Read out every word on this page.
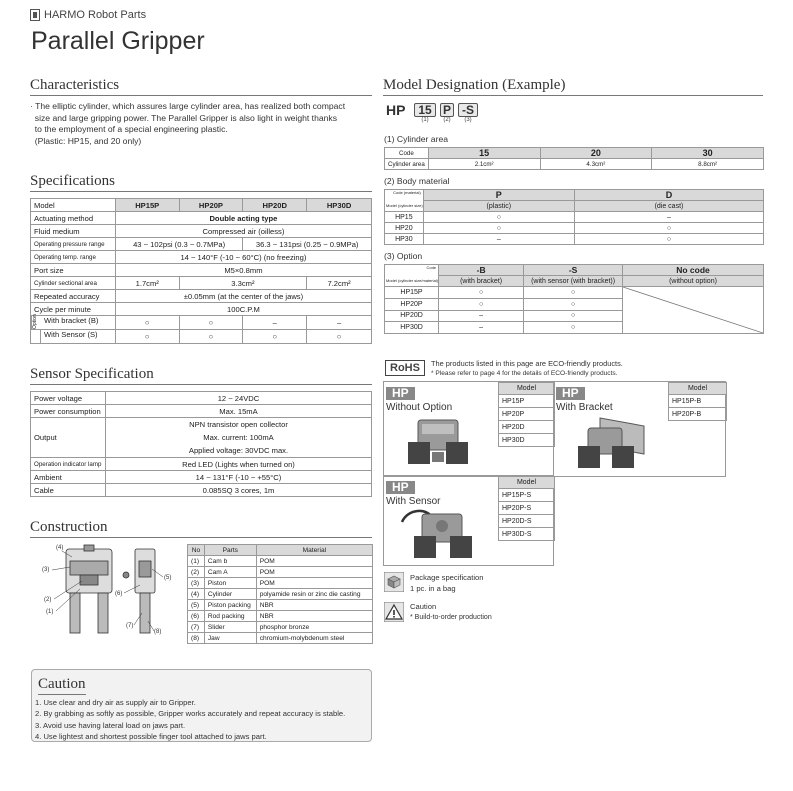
HARMO Robot Parts
Parallel Gripper
Characteristics
· The elliptic cylinder, which assures large cylinder area, has realized both compact
size and large gripping power. The Parallel Gripper is also light in weight thanks
to the employment of a special engineering plastic.
(Plastic: HP15, and 20 only)
Specifications
Model	HP15P	HP20P	HP20D	HP30D
Actuating method	Double acting type			
Fluid medium	Compressed air (oilless)			
Operating pressure range	43 ~ 102psi (0.3 ~ 0.7MPa)		36.3 ~ 131psi (0.25 ~ 0.9MPa)	
Operating temp. range	14 ~ 140°F (-10 ~ 60°C) (no freezing)			
Port size	M5×0.8mm			
Cylinder sectional area	1.7cm²	3.3cm²		7.2cm²
Repeated accuracy	±0.05mm (at the center of the jaws)			
Cycle per minute	100C.P.M			

Option With bracket (B)	○	○	–	–

With Sensor (S)	○	○	○	○
Sensor Specification
Power voltage	12 ~ 24VDC
Power consumption	Max. 15mA
Output	NPN transistor open collector
Max. current: 100mA
Applied voltage: 30VDC max.

Operation indicator lamp	Red LED (Lights when turned on)
Ambient	14 ~ 131°F (-10 ~ +55°C)
Cable	0.085SQ 3 cores, 1m
Construction
(4)
(3)
(2)
(1)
(5)
(6)
(7)
(8)
No	Parts	Material
(1)	Cam b	POM
(2)	Cam A	POM
(3)	Piston	POM
(4)	Cylinder	polyamide resin or zinc die casting
(5)	Piston packing	NBR
(6)	Rod packing	NBR
(7)	Slider	phosphor bronze
(8)	Jaw	chromium-molybdenum steel
Caution
1. Use clear and dry air as supply air to Gripper.
2. By grabbing as softly as possible, Gripper works accurately and repeat accuracy is stable.
3. Avoid use having lateral load on jaws part.
4. Use lightest and shortest possible finger tool attached to jaws part.
Model Designation (Example)
HP	15
(1)
P
(2)
-S
(3)
(1) Cylinder area
Code	15	20	30
Cylinder area	2.1cm²	4.3cm²	8.8cm²
(2) Body material
Code (material)
Model (cylinder size)	P	D
	(plastic)	(die cast)
HP15	○	–
HP20	○	○
HP30	–	○
(3) Option
Code
Model (cylinder size/material)	-B	-S	No code
	(with bracket)	(with sensor (with bracket))	(without option)
HP15P	○	○	

HP20P	○	○	
HP20D	–	○	
HP30D	–	○	
RoHS	The products listed in this page are ECO-friendly products.
* Please refer to page 4 for the details of ECO-friendly products.
HP
Without Option
Model
HP15P
HP20P
HP20D
HP30D
HP
With Bracket
Model
HP15P-B
HP20P-B
HP
With Sensor
Model
HP15P-S
HP20P-S
HP20D-S
HP30D-S
Package specification
1 pc. in a bag
Caution
* Build-to-order production
